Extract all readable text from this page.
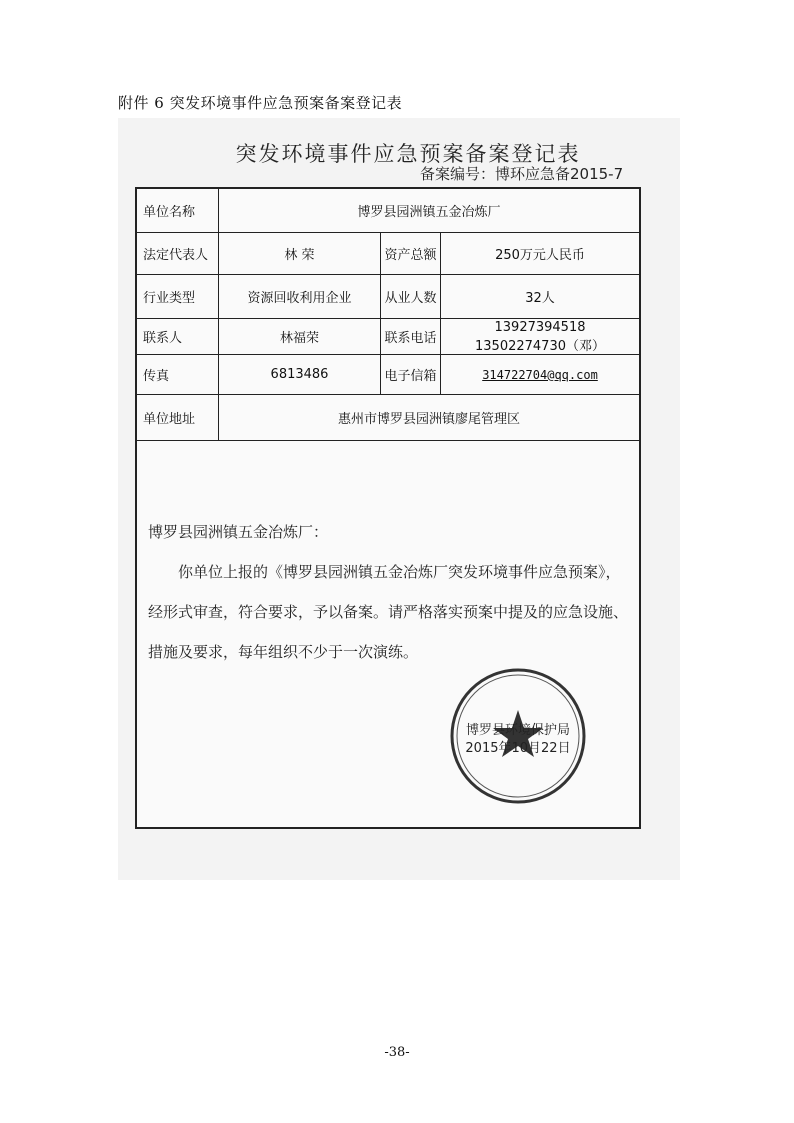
附件 6 突发环境事件应急预案备案登记表
突发环境事件应急预案备案登记表
备案编号：博环应急备2015-7
单位名称	博罗县园洲镇五金冶炼厂
法定代表人	林 荣	资产总额	250万元人民币
行业类型	资源回收利用企业	从业人数	32人
联系人	林福荣	联系电话
13927394518
13502274730（邓）
传真	6813486	电子信箱	314722704@qq.com
单位地址	惠州市博罗县园洲镇廖尾管理区

博罗县园洲镇五金冶炼厂：

你单位上报的《博罗县园洲镇五金冶炼厂突发环境事件应急预案》，

经形式审查，符合要求，予以备案。请严格落实预案中提及的应急设施、

措施及要求，每年组织不少于一次演练。

博罗县环境保护局
2015年10月22日
-38-
